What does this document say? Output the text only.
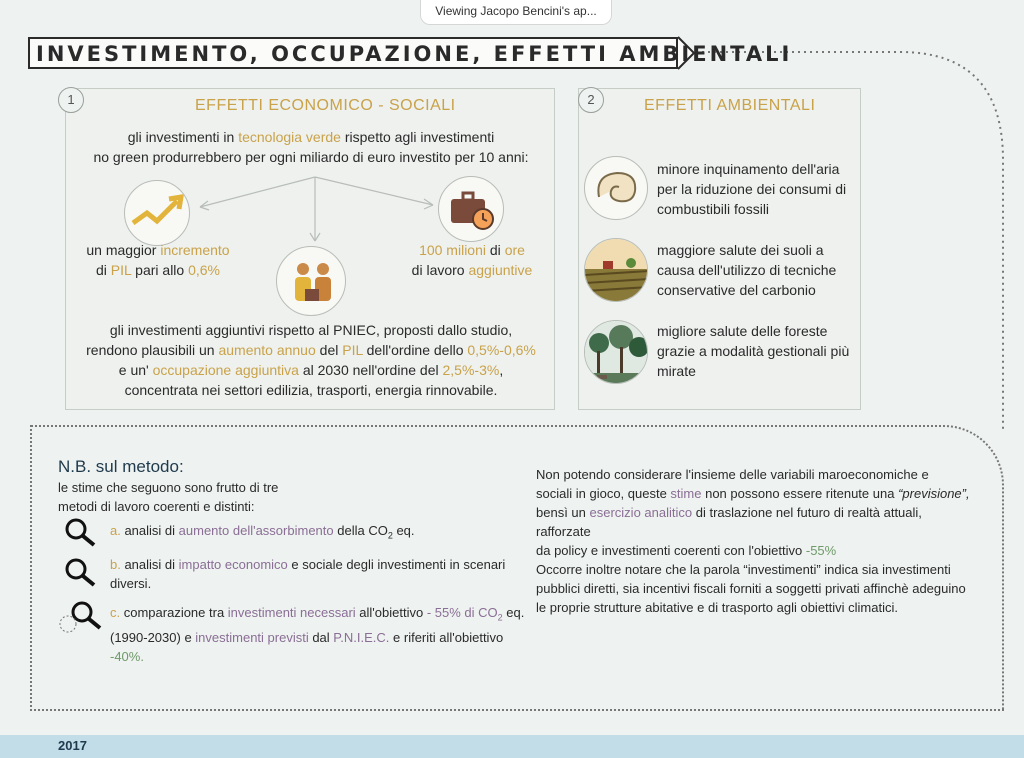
Viewing Jacopo Bencini's ap...
INVESTIMENTO, OCCUPAZIONE, EFFETTI AMBIENTALI
1	EFFETTI ECONOMICO - SOCIALI
gli investimenti in tecnologia verde rispetto agli investimenti
no green produrrebbero per ogni miliardo di euro investito per 10 anni:
un maggior incremento
di PIL pari allo 0,6%
100 milioni di ore
di lavoro aggiuntive
gli investimenti aggiuntivi rispetto al PNIEC, proposti dallo studio,
rendono plausibili un aumento annuo del PIL dell'ordine dello 0,5%-0,6%
e un' occupazione aggiuntiva al 2030 nell'ordine del 2,5%-3%,
concentrata nei settori edilizia, trasporti, energia rinnovabile.
2	EFFETTI AMBIENTALI
minore inquinamento dell'aria
per la riduzione dei consumi di
combustibili fossili
maggiore salute dei suoli a
causa dell'utilizzo di tecniche
conservative del carbonio
migliore salute delle foreste
grazie a modalità gestionali più
mirate
N.B. sul metodo:
le stime che seguono sono frutto di tre
metodi di lavoro coerenti e distinti:
a. analisi di aumento dell'assorbimento della $CO_2$ eq.
b. analisi di impatto economico e sociale degli investimenti in scenari
diversi.
c. comparazione tra investimenti necessari all'obiettivo - 55% di $CO_2$ eq.
(1990-2030) e investimenti previsti dal P.N.I.E.C. e riferiti all'obiettivo
-40%.
Non potendo considerare l'insieme delle variabili maroeconomiche e
sociali in gioco, queste stime non possono essere ritenute una “previsione”,
bensì un esercizio analitico di traslazione nel futuro di realtà attuali, rafforzate
da policy e investimenti coerenti con l'obiettivo -55%
Occorre inoltre notare che la parola “investimenti” indica sia investimenti
pubblici diretti, sia incentivi fiscali forniti a soggetti privati affinchè adeguino
le proprie strutture abitative e di trasporto agli obiettivi climatici.
2017
